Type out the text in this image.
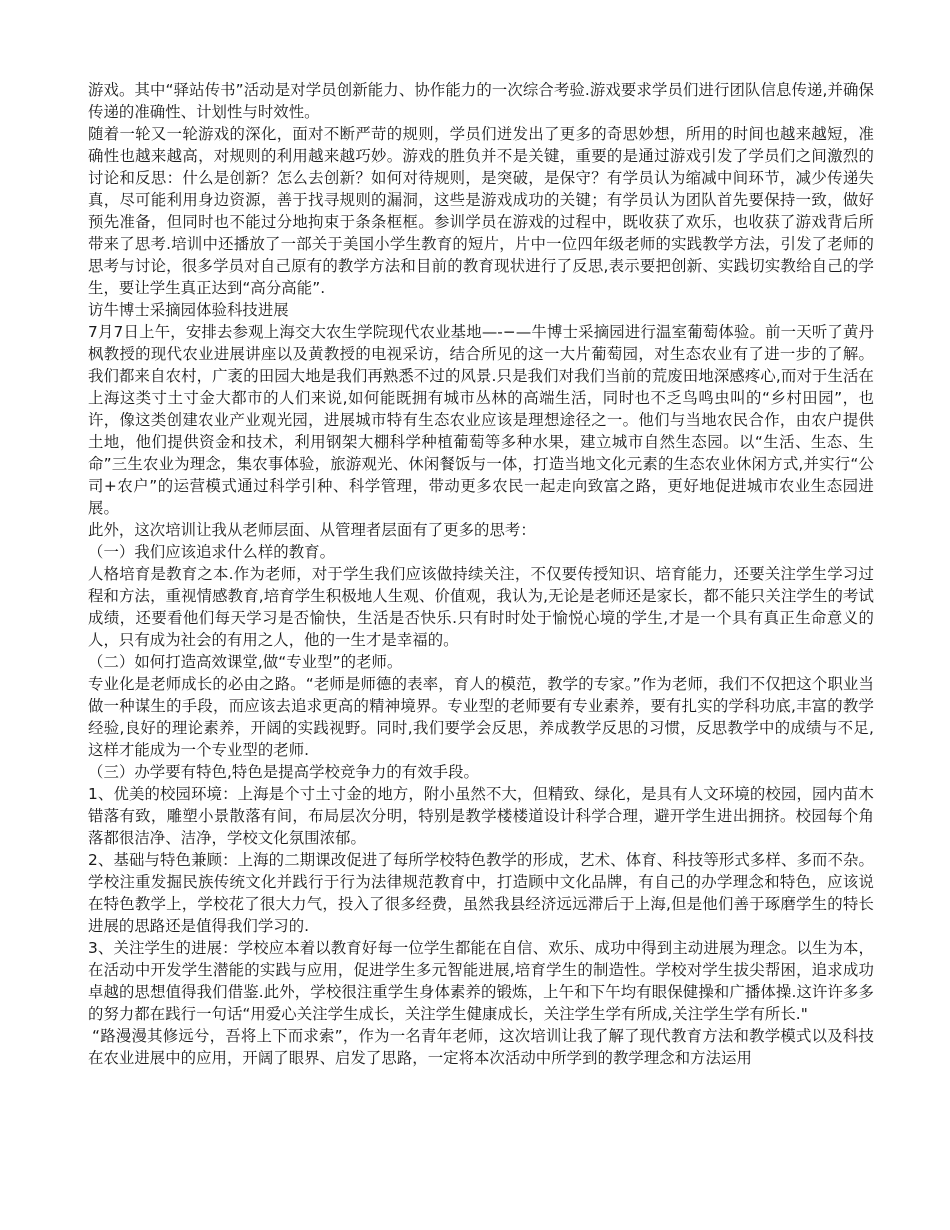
游戏。其中“驿站传书”活动是对学员创新能力、协作能力的一次综合考验.游戏要求学员们进行团队信息传递,并确保传递的准确性、计划性与时效性。

随着一轮又一轮游戏的深化，面对不断严苛的规则，学员们迸发出了更多的奇思妙想，所用的时间也越来越短，准确性也越来越高，对规则的利用越来越巧妙。游戏的胜负并不是关键，重要的是通过游戏引发了学员们之间激烈的讨论和反思：什么是创新？怎么去创新？如何对待规则，是突破，是保守？有学员认为缩减中间环节，减少传递失真，尽可能利用身边资源，善于找寻规则的漏洞，这些是游戏成功的关键；有学员认为团队首先要保持一致，做好预先准备，但同时也不能过分地拘束于条条框框。参训学员在游戏的过程中，既收获了欢乐，也收获了游戏背后所带来了思考.培训中还播放了一部关于美国小学生教育的短片，片中一位四年级老师的实践教学方法，引发了老师的思考与讨论，很多学员对自己原有的教学方法和目前的教育现状进行了反思,表示要把创新、实践切实教给自己的学生，要让学生真正达到“高分高能”.

访牛博士采摘园体验科技进展

7月7日上午，安排去参观上海交大农生学院现代农业基地—-−—牛博士采摘园进行温室葡萄体验。前一天听了黄丹枫教授的现代农业进展讲座以及黄教授的电视采访，结合所见的这一大片葡萄园，对生态农业有了进一步的了解。我们都来自农村，广袤的田园大地是我们再熟悉不过的风景.只是我们对我们当前的荒废田地深感疼心,而对于生活在上海这类寸土寸金大都市的人们来说,如何能既拥有城市丛林的高端生活，同时也不乏鸟鸣虫叫的“乡村田园”，也许，像这类创建农业产业观光园，进展城市特有生态农业应该是理想途径之一。他们与当地农民合作，由农户提供土地，他们提供资金和技术，利用钢架大棚科学种植葡萄等多种水果，建立城市自然生态园。以“生活、生态、生命”三生农业为理念，集农事体验，旅游观光、休闲餐饭与一体，打造当地文化元素的生态农业休闲方式,并实行“公司+农户”的运营模式通过科学引种、科学管理，带动更多农民一起走向致富之路，更好地促进城市农业生态园进展。

此外，这次培训让我从老师层面、从管理者层面有了更多的思考：

（一）我们应该追求什么样的教育。

人格培育是教育之本.作为老师，对于学生我们应该做持续关注，不仅要传授知识、培育能力，还要关注学生学习过程和方法，重视情感教育,培育学生积极地人生观、价值观，我认为,无论是老师还是家长，都不能只关注学生的考试成绩，还要看他们每天学习是否愉快，生活是否快乐.只有时时处于愉悦心境的学生,才是一个具有真正生命意义的人，只有成为社会的有用之人，他的一生才是幸福的。

（二）如何打造高效课堂,做“专业型”的老师。

专业化是老师成长的必由之路。“老师是师德的表率，育人的模范，教学的专家。”作为老师，我们不仅把这个职业当做一种谋生的手段，而应该去追求更高的精神境界。专业型的老师要有专业素养，要有扎实的学科功底,丰富的教学经验,良好的理论素养，开阔的实践视野。同时,我们要学会反思，养成教学反思的习惯，反思教学中的成绩与不足,这样才能成为一个专业型的老师.

（三）办学要有特色,特色是提高学校竞争力的有效手段。

1、优美的校园环境：上海是个寸土寸金的地方，附小虽然不大，但精致、绿化，是具有人文环境的校园，园内苗木错落有致，雕塑小景散落有间，布局层次分明，特别是教学楼楼道设计科学合理，避开学生进出拥挤。校园每个角落都很洁净、洁净，学校文化氛围浓郁。

2、基础与特色兼顾：上海的二期课改促进了每所学校特色教学的形成，艺术、体育、科技等形式多样、多而不杂。学校注重发掘民族传统文化并践行于行为法律规范教育中，打造顾中文化品牌，有自己的办学理念和特色，应该说在特色教学上，学校花了很大力气，投入了很多经费，虽然我县经济远远滞后于上海,但是他们善于琢磨学生的特长进展的思路还是值得我们学习的.

3、关注学生的进展：学校应本着以教育好每一位学生都能在自信、欢乐、成功中得到主动进展为理念。以生为本，在活动中开发学生潜能的实践与应用，促进学生多元智能进展,培育学生的制造性。学校对学生拔尖帮困，追求成功卓越的思想值得我们借鉴.此外，学校很注重学生身体素养的锻炼，上午和下午均有眼保健操和广播体操.这许许多多的努力都在践行一句话“用爱心关注学生成长，关注学生健康成长，关注学生学有所成,关注学生学有所长."

“路漫漫其修远兮，吾将上下而求索”，作为一名青年老师，这次培训让我了解了现代教育方法和教学模式以及科技在农业进展中的应用，开阔了眼界、启发了思路，一定将本次活动中所学到的教学理念和方法运用
